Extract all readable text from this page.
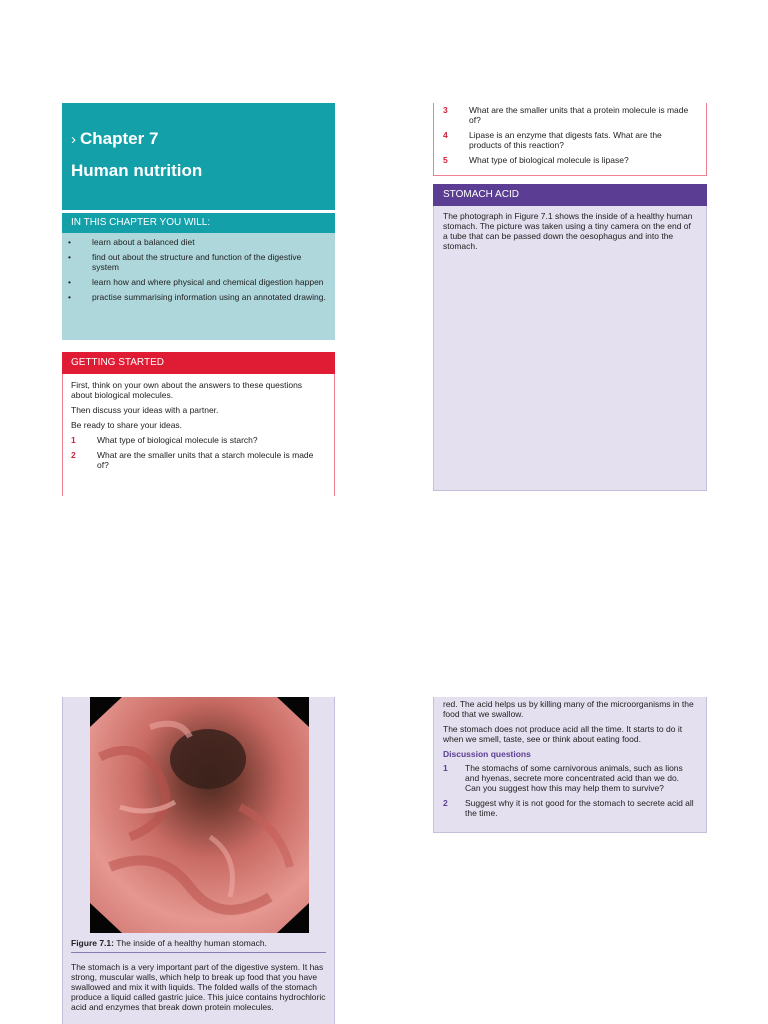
› Chapter 7
Human nutrition
IN THIS CHAPTER YOU WILL:
•	learn about a balanced diet
•	find out about the structure and function of the digestive system
•	learn how and where physical and chemical digestion happen
•	practise summarising information using an annotated drawing.
GETTING STARTED

First, think on your own about the answers to these questions about biological molecules.

Then discuss your ideas with a partner.

Be ready to share your ideas.

1	What type of biological molecule is starch?
2	What are the smaller units that a starch molecule is made of?
3	What are the smaller units that a protein molecule is made of?
4	Lipase is an enzyme that digests fats. What are the products of this reaction?
5	What type of biological molecule is lipase?
STOMACH ACID

The photograph in Figure 7.1 shows the inside of a healthy human stomach. The picture was taken using a tiny camera on the end of a tube that can be passed down the oesophagus and into the stomach.

Figure 7.1: The inside of a healthy human stomach.
The stomach is a very important part of the digestive system. It has strong, muscular walls, which help to break up food that you have swallowed and mix it with liquids. The folded walls of the stomach produce a liquid called gastric juice. This juice contains hydrochloric acid and enzymes that break down protein molecules.

red. The acid helps us by killing many of the microorganisms in the food that we swallow.

The stomach does not produce acid all the time. It starts to do it when we smell, taste, see or think about eating food.

Discussion questions
1	The stomachs of some carnivorous animals, such as lions and hyenas, secrete more concentrated acid than we do. Can you suggest how this may help them to survive?
2	Suggest why it is not good for the stomach to secrete acid all the time.
